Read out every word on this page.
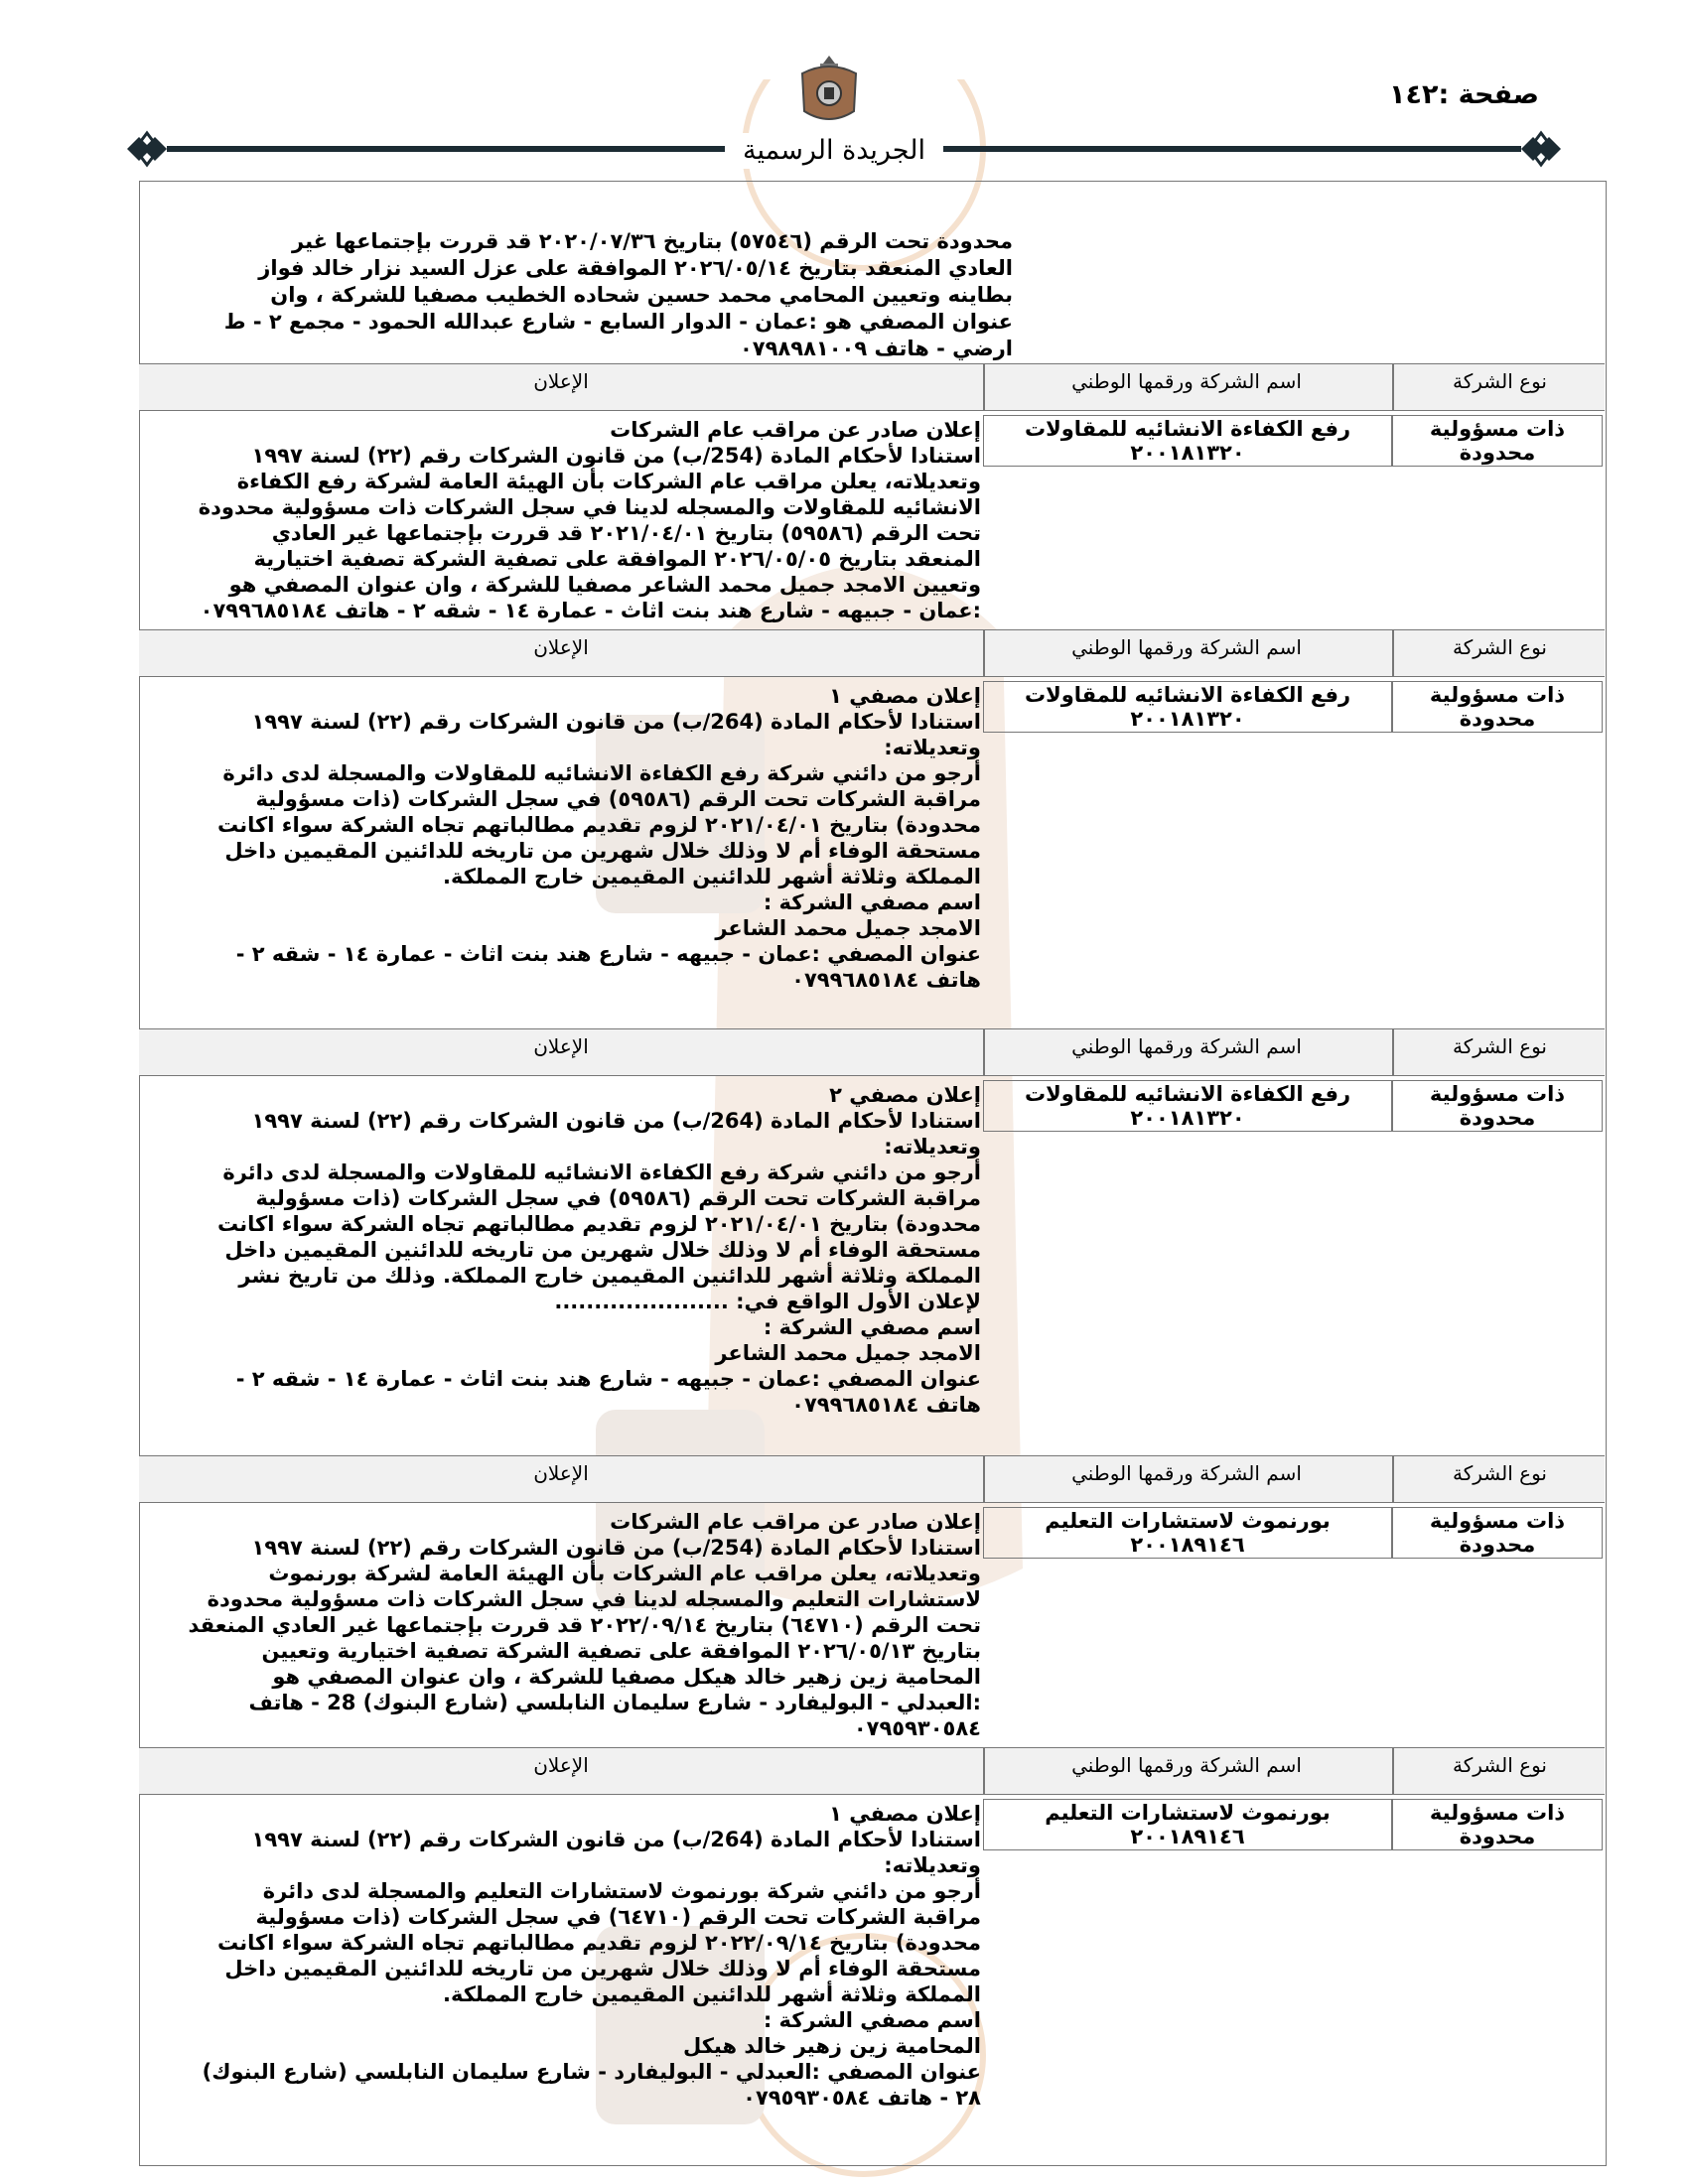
صفحة :١٤٢
الجريدة الرسمية
محدودة تحت الرقم (٥٧٥٤٦) بتاريخ ٢٠٢٠/٠٧/٣٦ قد قررت بإجتماعها غير
العادي المنعقد بتاريخ ٢٠٢٦/٠٥/١٤ الموافقة على عزل السيد نزار خالد فواز
بطاينه وتعيين المحامي محمد حسين شحاده الخطيب مصفيا للشركة ، وان
عنوان المصفي هو :عمان - الدوار السابع - شارع عبدالله الحمود - مجمع ٢ - ط
ارضي - هاتف ٠٧٩٨٩٨١٠٠٩
نوع الشركة
اسم الشركة ورقمها الوطني
الإعلان
ذات مسؤولية محدودة
رفع الكفاءة الانشائيه للمقاولات
٢٠٠١٨١٣٢٠

إعلان صادر عن مراقب عام الشركات

استنادا لأحكام المادة (254/ب) من قانون الشركات رقم (٢٢) لسنة ١٩٩٧

وتعديلاته، يعلن مراقب عام الشركات بأن الهيئة العامة لشركة رفع الكفاءة

الانشائيه للمقاولات والمسجله لدينا في سجل الشركات ذات مسؤولية محدودة

تحت الرقم (٥٩٥٨٦) بتاريخ ٢٠٢١/٠٤/٠١ قد قررت بإجتماعها غير العادي

المنعقد بتاريخ ٢٠٢٦/٠٥/٠٥ الموافقة على تصفية الشركة تصفية اختيارية

وتعيين الامجد جميل محمد الشاعر مصفيا للشركة ، وان عنوان المصفي هو

:عمان - جبيهه - شارع هند بنت اثاث - عمارة ١٤ - شقه ٢ - هاتف ٠٧٩٩٦٨٥١٨٤

نوع الشركة
اسم الشركة ورقمها الوطني
الإعلان
ذات مسؤولية محدودة
رفع الكفاءة الانشائيه للمقاولات
٢٠٠١٨١٣٢٠

إعلان مصفي ١

استنادا لأحكام المادة (264/ب) من قانون الشركات رقم (٢٢) لسنة ١٩٩٧

وتعديلاته:

أرجو من دائني شركة رفع الكفاءة الانشائيه للمقاولات والمسجلة لدى دائرة

مراقبة الشركات تحت الرقم (٥٩٥٨٦) في سجل الشركات (ذات مسؤولية

محدودة) بتاريخ ٢٠٢١/٠٤/٠١ لزوم تقديم مطالباتهم تجاه الشركة سواء اكانت

مستحقة الوفاء أم لا وذلك خلال شهرين من تاريخه للدائنين المقيمين داخل

المملكة وثلاثة أشهر للدائنين المقيمين خارج المملكة.

اسم مصفي الشركة :

الامجد جميل محمد الشاعر

عنوان المصفي :عمان - جبيهه - شارع هند بنت اثاث - عمارة ١٤ - شقه ٢ -

هاتف ٠٧٩٩٦٨٥١٨٤

نوع الشركة
اسم الشركة ورقمها الوطني
الإعلان
ذات مسؤولية محدودة
رفع الكفاءة الانشائيه للمقاولات
٢٠٠١٨١٣٢٠

إعلان مصفي ٢

استنادا لأحكام المادة (264/ب) من قانون الشركات رقم (٢٢) لسنة ١٩٩٧

وتعديلاته:

أرجو من دائني شركة رفع الكفاءة الانشائيه للمقاولات والمسجلة لدى دائرة

مراقبة الشركات تحت الرقم (٥٩٥٨٦) في سجل الشركات (ذات مسؤولية

محدودة) بتاريخ ٢٠٢١/٠٤/٠١ لزوم تقديم مطالباتهم تجاه الشركة سواء اكانت

مستحقة الوفاء أم لا وذلك خلال شهرين من تاريخه للدائنين المقيمين داخل

المملكة وثلاثة أشهر للدائنين المقيمين خارج المملكة. وذلك من تاريخ نشر

لإعلان الأول الواقع في: ......................

اسم مصفي الشركة :

الامجد جميل محمد الشاعر

عنوان المصفي :عمان - جبيهه - شارع هند بنت اثاث - عمارة ١٤ - شقه ٢ -

هاتف ٠٧٩٩٦٨٥١٨٤

نوع الشركة
اسم الشركة ورقمها الوطني
الإعلان
ذات مسؤولية محدودة
بورنموث لاستشارات التعليم
٢٠٠١٨٩١٤٦

إعلان صادر عن مراقب عام الشركات

استنادا لأحكام المادة (254/ب) من قانون الشركات رقم (٢٢) لسنة ١٩٩٧

وتعديلاته، يعلن مراقب عام الشركات بأن الهيئة العامة لشركة بورنموث

لاستشارات التعليم والمسجله لدينا في سجل الشركات ذات مسؤولية محدودة

تحت الرقم (٦٤٧١٠) بتاريخ ٢٠٢٢/٠٩/١٤ قد قررت بإجتماعها غير العادي المنعقد

بتاريخ ٢٠٢٦/٠٥/١٣ الموافقة على تصفية الشركة تصفية اختيارية وتعيين

المحامية زين زهير خالد هيكل مصفيا للشركة ، وان عنوان المصفي هو

:العبدلي - البوليفارد - شارع سليمان النابلسي (شارع البنوك) 28 - هاتف

٠٧٩٥٩٣٠٥٨٤

نوع الشركة
اسم الشركة ورقمها الوطني
الإعلان
ذات مسؤولية محدودة
بورنموث لاستشارات التعليم
٢٠٠١٨٩١٤٦

إعلان مصفي ١

استنادا لأحكام المادة (264/ب) من قانون الشركات رقم (٢٢) لسنة ١٩٩٧

وتعديلاته:

أرجو من دائني شركة بورنموث لاستشارات التعليم والمسجلة لدى دائرة

مراقبة الشركات تحت الرقم (٦٤٧١٠) في سجل الشركات (ذات مسؤولية

محدودة) بتاريخ ٢٠٢٢/٠٩/١٤ لزوم تقديم مطالباتهم تجاه الشركة سواء اكانت

مستحقة الوفاء أم لا وذلك خلال شهرين من تاريخه للدائنين المقيمين داخل

المملكة وثلاثة أشهر للدائنين المقيمين خارج المملكة.

اسم مصفي الشركة :

المحامية زين زهير خالد هيكل

عنوان المصفي :العبدلي - البوليفارد - شارع سليمان النابلسي (شارع البنوك)

٢٨ - هاتف ٠٧٩٥٩٣٠٥٨٤
